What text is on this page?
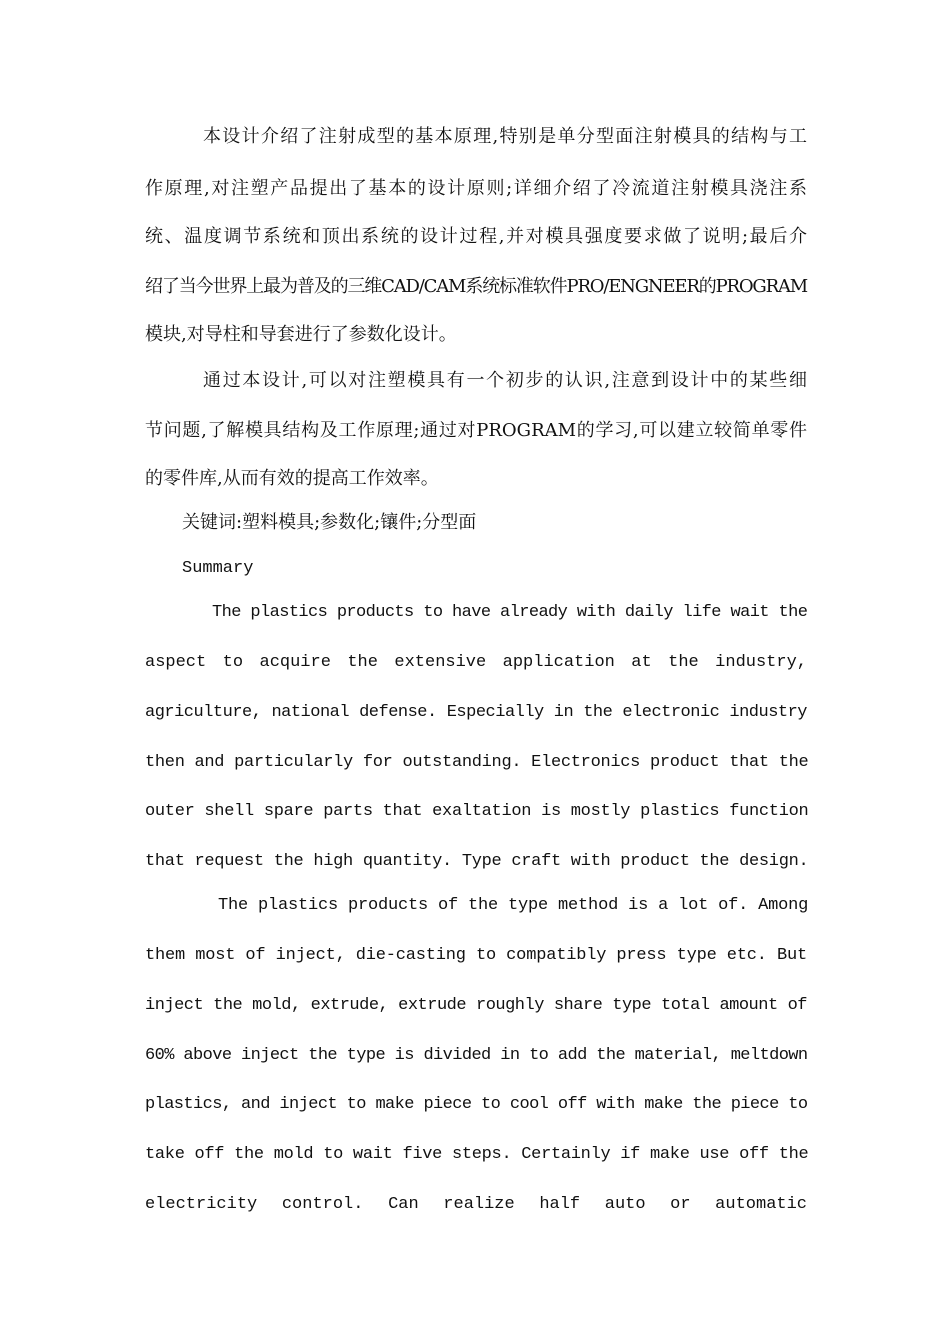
本设计介绍了注射成型的基本原理,特别是单分型面注射模具的结构与工
作原理,对注塑产品提出了基本的设计原则;详细介绍了冷流道注射模具浇注系
统、温度调节系统和顶出系统的设计过程,并对模具强度要求做了说明;最后介
绍了当今世界上最为普及的三维CAD/CAM系统标准软件PRO/ENGNEER的PROGRAM
模块,对导柱和导套进行了参数化设计。
通过本设计,可以对注塑模具有一个初步的认识,注意到设计中的某些细
节问题,了解模具结构及工作原理;通过对PROGRAM的学习,可以建立较简单零件
的零件库,从而有效的提高工作效率。
关键词:塑料模具;参数化;镶件;分型面
Summary
The plastics products to have already with daily life wait the
aspect to acquire the extensive application at the industry,
agriculture, national defense. Especially in the electronic industry
then and particularly for outstanding. Electronics product that the
outer shell spare parts that exaltation is mostly plastics function
that request the high quantity. Type craft with product the design.
The plastics products of the type method is a lot of. Among
them most of inject, die-casting to compatibly press type etc. But
inject the mold, extrude, extrude roughly share type total amount of
60% above inject the type is divided in to add the material, meltdown
plastics, and inject to make piece to cool off with make the piece to
take off the mold to wait five steps. Certainly if make use off the
electricity control. Can realize half auto or automatic
